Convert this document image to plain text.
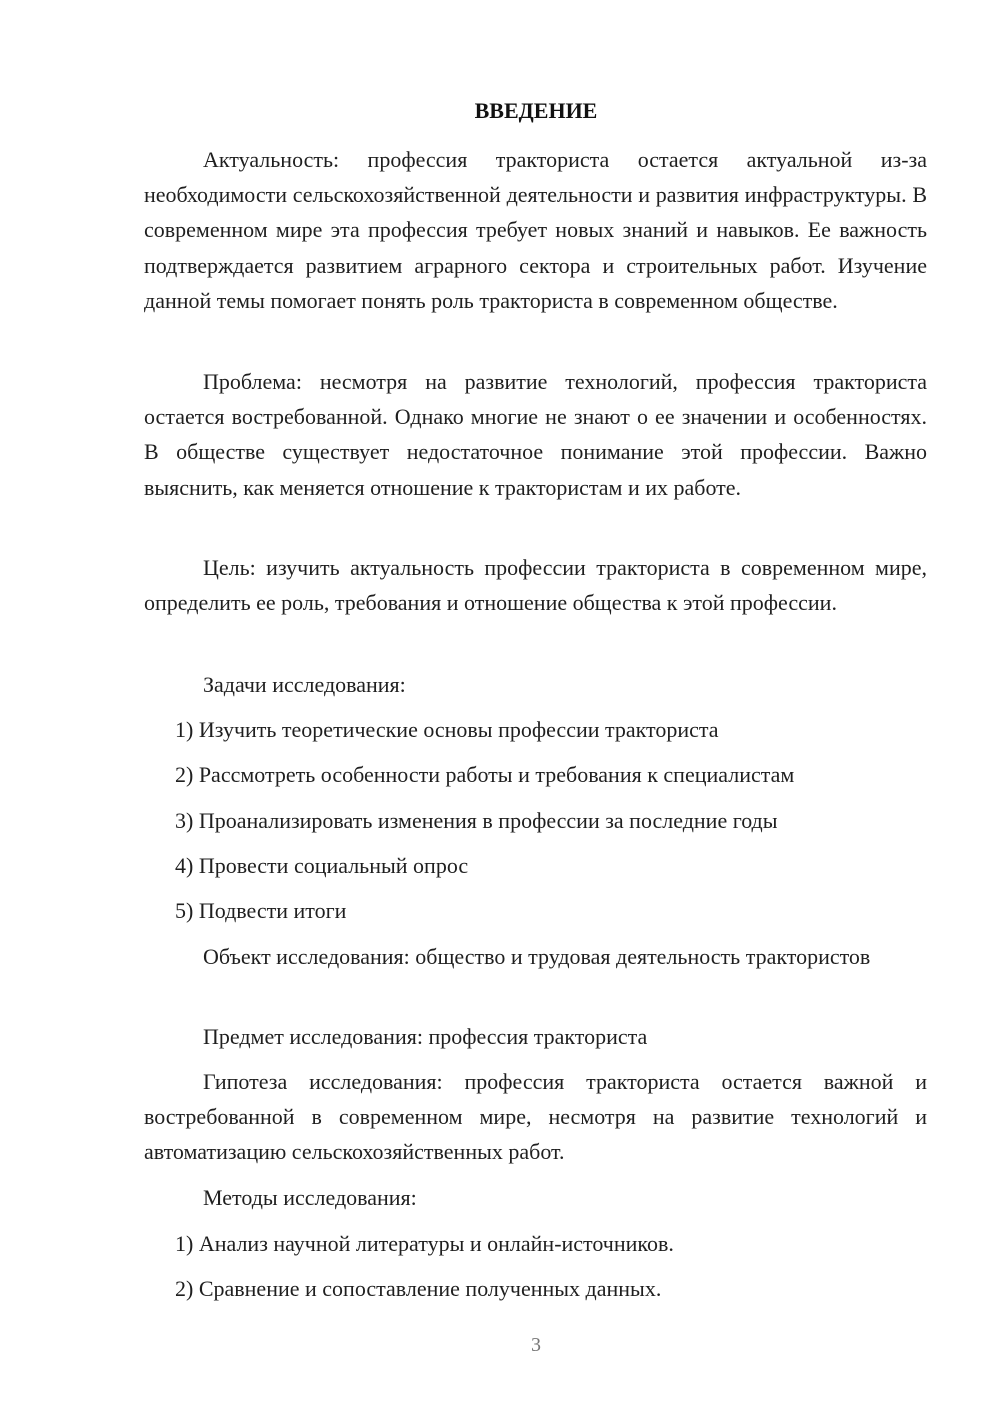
ВВЕДЕНИЕ

Актуальность: профессия тракториста остается актуальной из-за необходимости сельскохозяйственной деятельности и развития инфраструктуры. В современном мире эта профессия требует новых знаний и навыков. Ее важность подтверждается развитием аграрного сектора и строительных работ. Изучение данной темы помогает понять роль тракториста в современном обществе.

Проблема: несмотря на развитие технологий, профессия тракториста остается востребованной. Однако многие не знают о ее значении и особенностях. В обществе существует недостаточное понимание этой профессии. Важно выяснить, как меняется отношение к трактористам и их работе.

Цель: изучить актуальность профессии тракториста в современном мире, определить ее роль, требования и отношение общества к этой профессии.

Задачи исследования:

1) Изучить теоретические основы профессии тракториста

2) Рассмотреть особенности работы и требования к специалистам

3) Проанализировать изменения в профессии за последние годы

4) Провести социальный опрос

5) Подвести итоги

Объект исследования: общество и трудовая деятельность трактористов

Предмет исследования: профессия тракториста

Гипотеза исследования: профессия тракториста остается важной и востребованной в современном мире, несмотря на развитие технологий и автоматизацию сельскохозяйственных работ.

Методы исследования:

1) Анализ научной литературы и онлайн-источников.

2) Сравнение и сопоставление полученных данных.

3
